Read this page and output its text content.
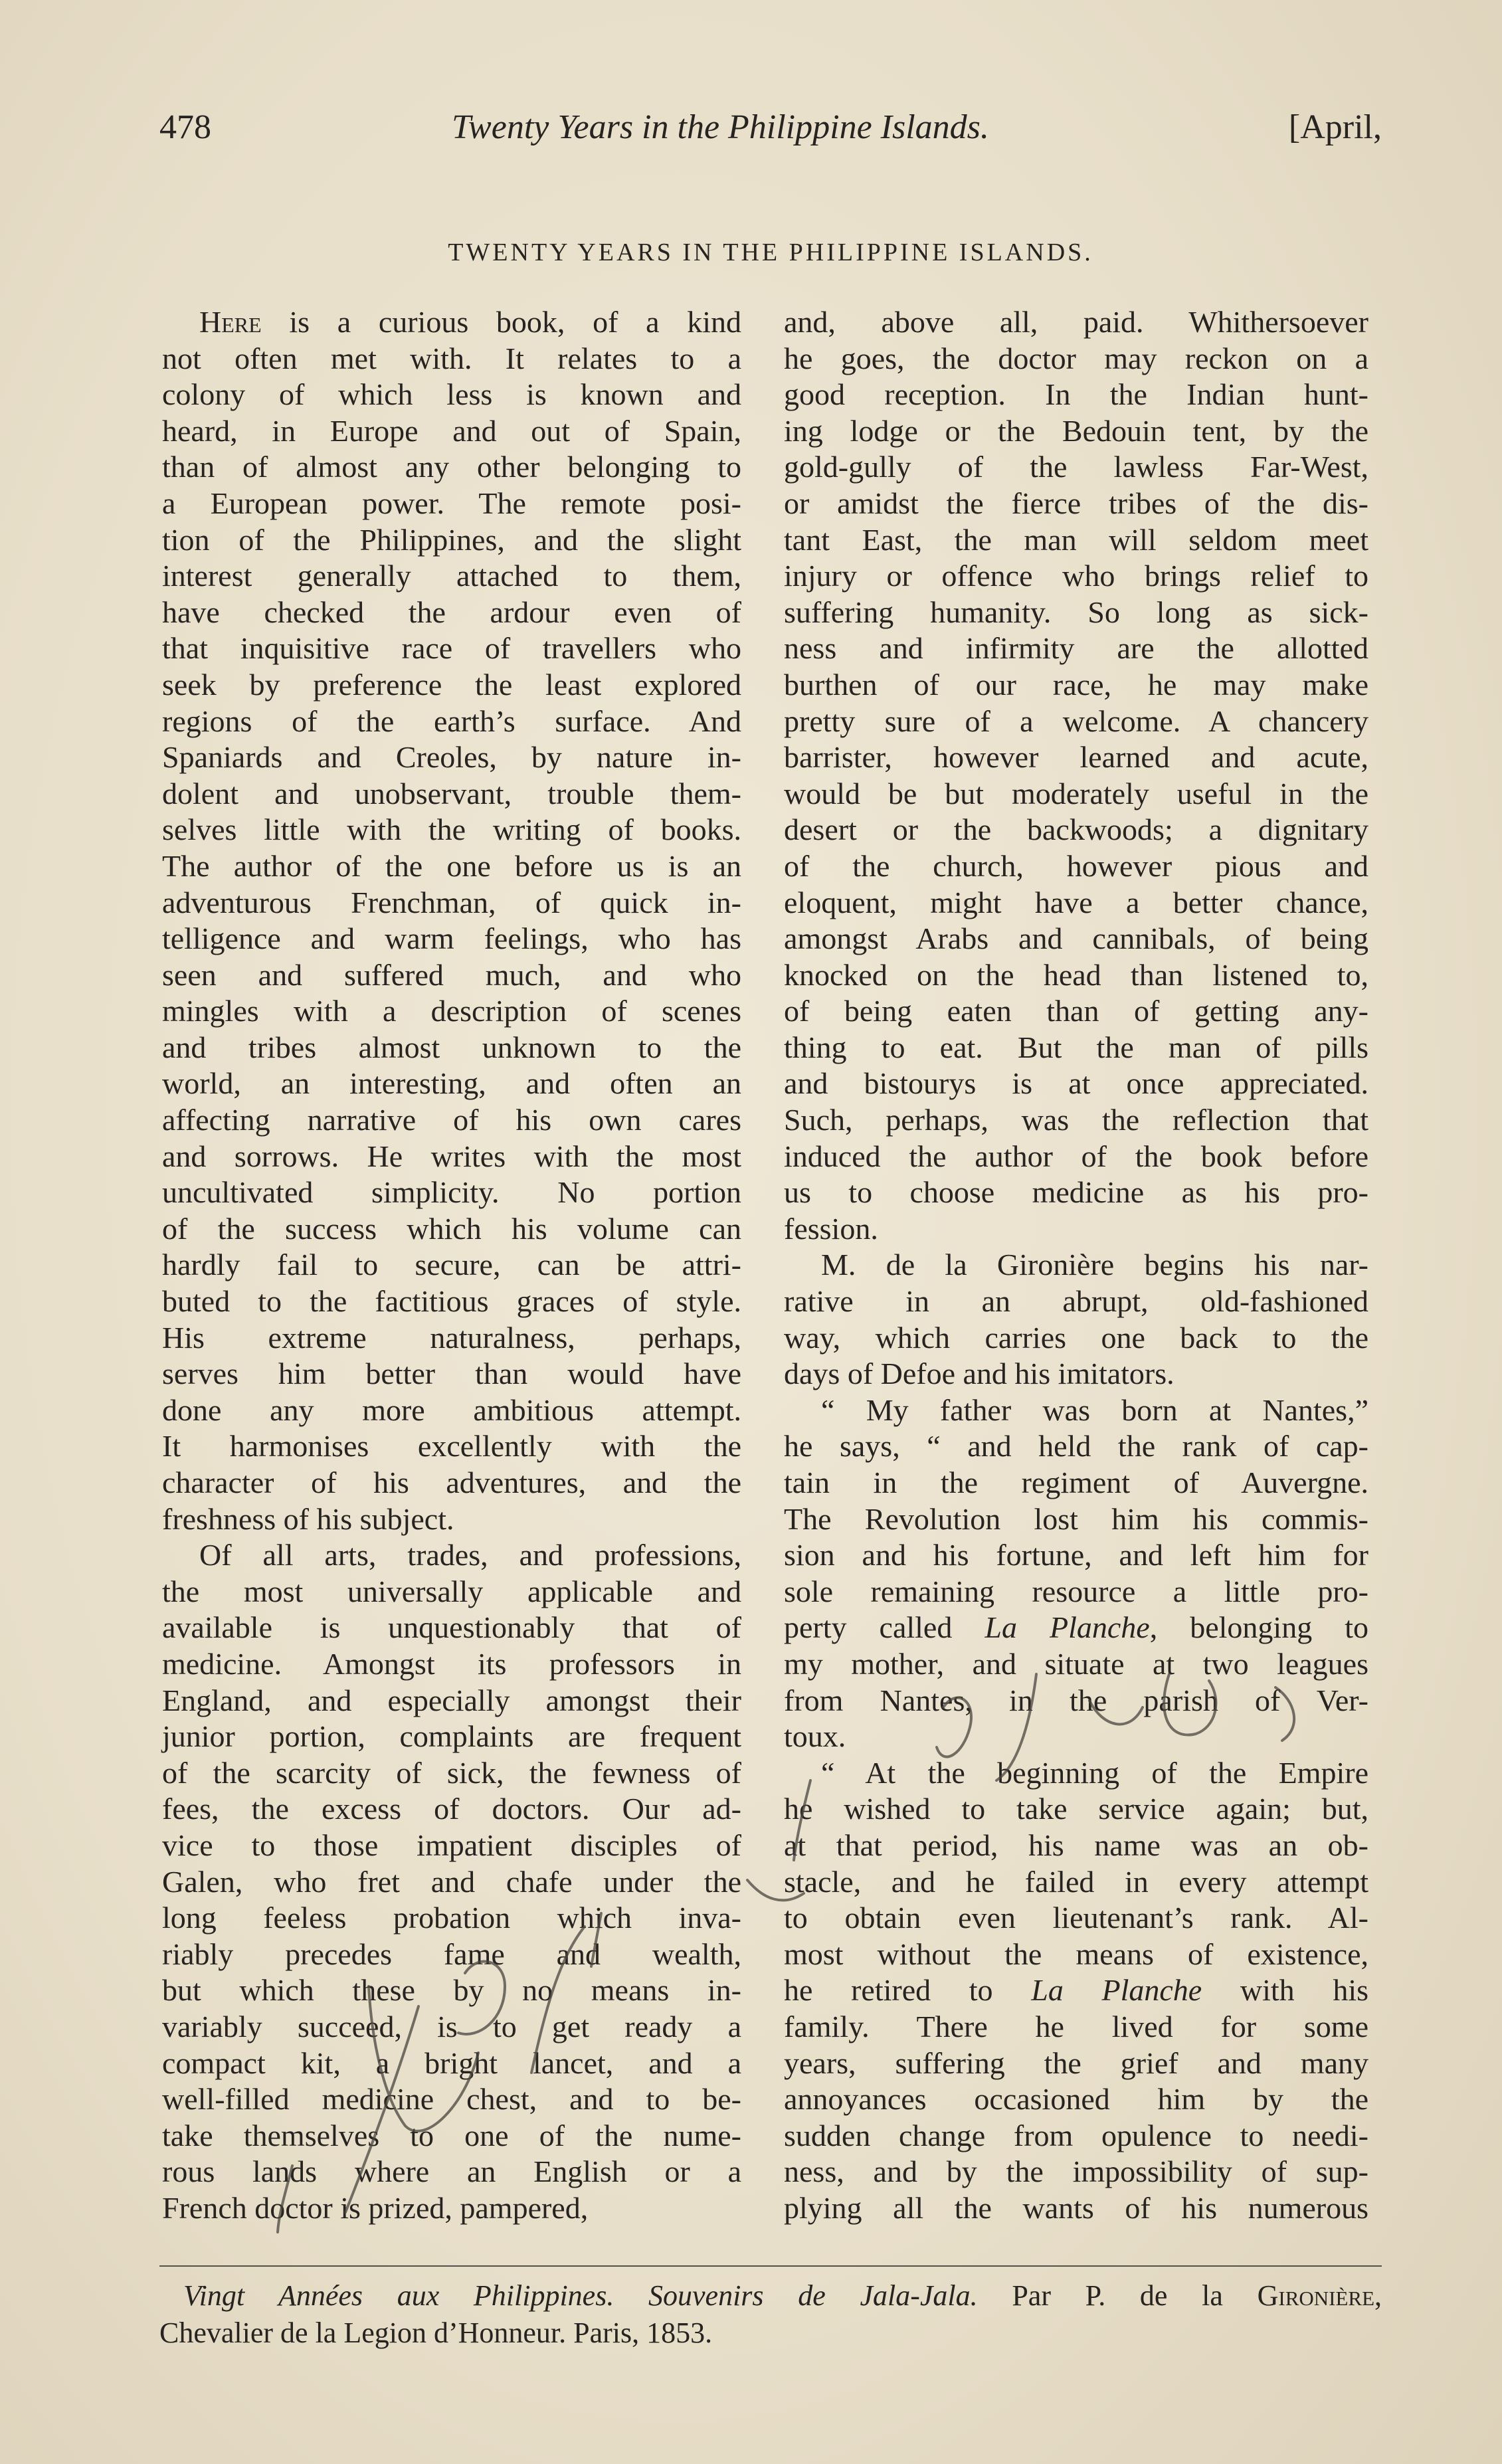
478	Twenty Years in the Philippine Islands.	[April,
TWENTY YEARS IN THE PHILIPPINE ISLANDS.
Here is a curious book, of a kind
not often met with. It relates to a
colony of which less is known and
heard, in Europe and out of Spain,
than of almost any other belonging to
a European power. The remote posi-
tion of the Philippines, and the slight
interest generally attached to them,
have checked the ardour even of
that inquisitive race of travellers who
seek by preference the least explored
regions of the earth’s surface. And
Spaniards and Creoles, by nature in-
dolent and unobservant, trouble them-
selves little with the writing of books.
The author of the one before us is an
adventurous Frenchman, of quick in-
telligence and warm feelings, who has
seen and suffered much, and who
mingles with a description of scenes
and tribes almost unknown to the
world, an interesting, and often an
affecting narrative of his own cares
and sorrows. He writes with the most
uncultivated simplicity. No portion
of the success which his volume can
hardly fail to secure, can be attri-
buted to the factitious graces of style.
His extreme naturalness, perhaps,
serves him better than would have
done any more ambitious attempt.
It harmonises excellently with the
character of his adventures, and the
freshness of his subject.
Of all arts, trades, and professions,
the most universally applicable and
available is unquestionably that of
medicine. Amongst its professors in
England, and especially amongst their
junior portion, complaints are frequent
of the scarcity of sick, the fewness of
fees, the excess of doctors. Our ad-
vice to those impatient disciples of
Galen, who fret and chafe under the
long feeless probation which inva-
riably precedes fame and wealth,
but which these by no means in-
variably succeed, is to get ready a
compact kit, a bright lancet, and a
well-filled medicine chest, and to be-
take themselves to one of the nume-
rous lands where an English or a
French doctor is prized, pampered,
and, above all, paid. Whithersoever
he goes, the doctor may reckon on a
good reception. In the Indian hunt-
ing lodge or the Bedouin tent, by the
gold-gully of the lawless Far-West,
or amidst the fierce tribes of the dis-
tant East, the man will seldom meet
injury or offence who brings relief to
suffering humanity. So long as sick-
ness and infirmity are the allotted
burthen of our race, he may make
pretty sure of a welcome. A chancery
barrister, however learned and acute,
would be but moderately useful in the
desert or the backwoods; a dignitary
of the church, however pious and
eloquent, might have a better chance,
amongst Arabs and cannibals, of being
knocked on the head than listened to,
of being eaten than of getting any-
thing to eat. But the man of pills
and bistourys is at once appreciated.
Such, perhaps, was the reflection that
induced the author of the book before
us to choose medicine as his pro-
fession.
M. de la Gironière begins his nar-
rative in an abrupt, old-fashioned
way, which carries one back to the
days of Defoe and his imitators.
“ My father was born at Nantes,”
he says, “ and held the rank of cap-
tain in the regiment of Auvergne.
The Revolution lost him his commis-
sion and his fortune, and left him for
sole remaining resource a little pro-
perty called La Planche, belonging to
my mother, and situate at two leagues
from Nantes, in the parish of Ver-
toux.
“ At the beginning of the Empire
he wished to take service again; but,
at that period, his name was an ob-
stacle, and he failed in every attempt
to obtain even lieutenant’s rank. Al-
most without the means of existence,
he retired to La Planche with his
family. There he lived for some
years, suffering the grief and many
annoyances occasioned him by the
sudden change from opulence to needi-
ness, and by the impossibility of sup-
plying all the wants of his numerous
Vingt Années aux Philippines. Souvenirs de Jala-Jala. Par P. de la Gironière,
Chevalier de la Legion d’Honneur. Paris, 1853.
